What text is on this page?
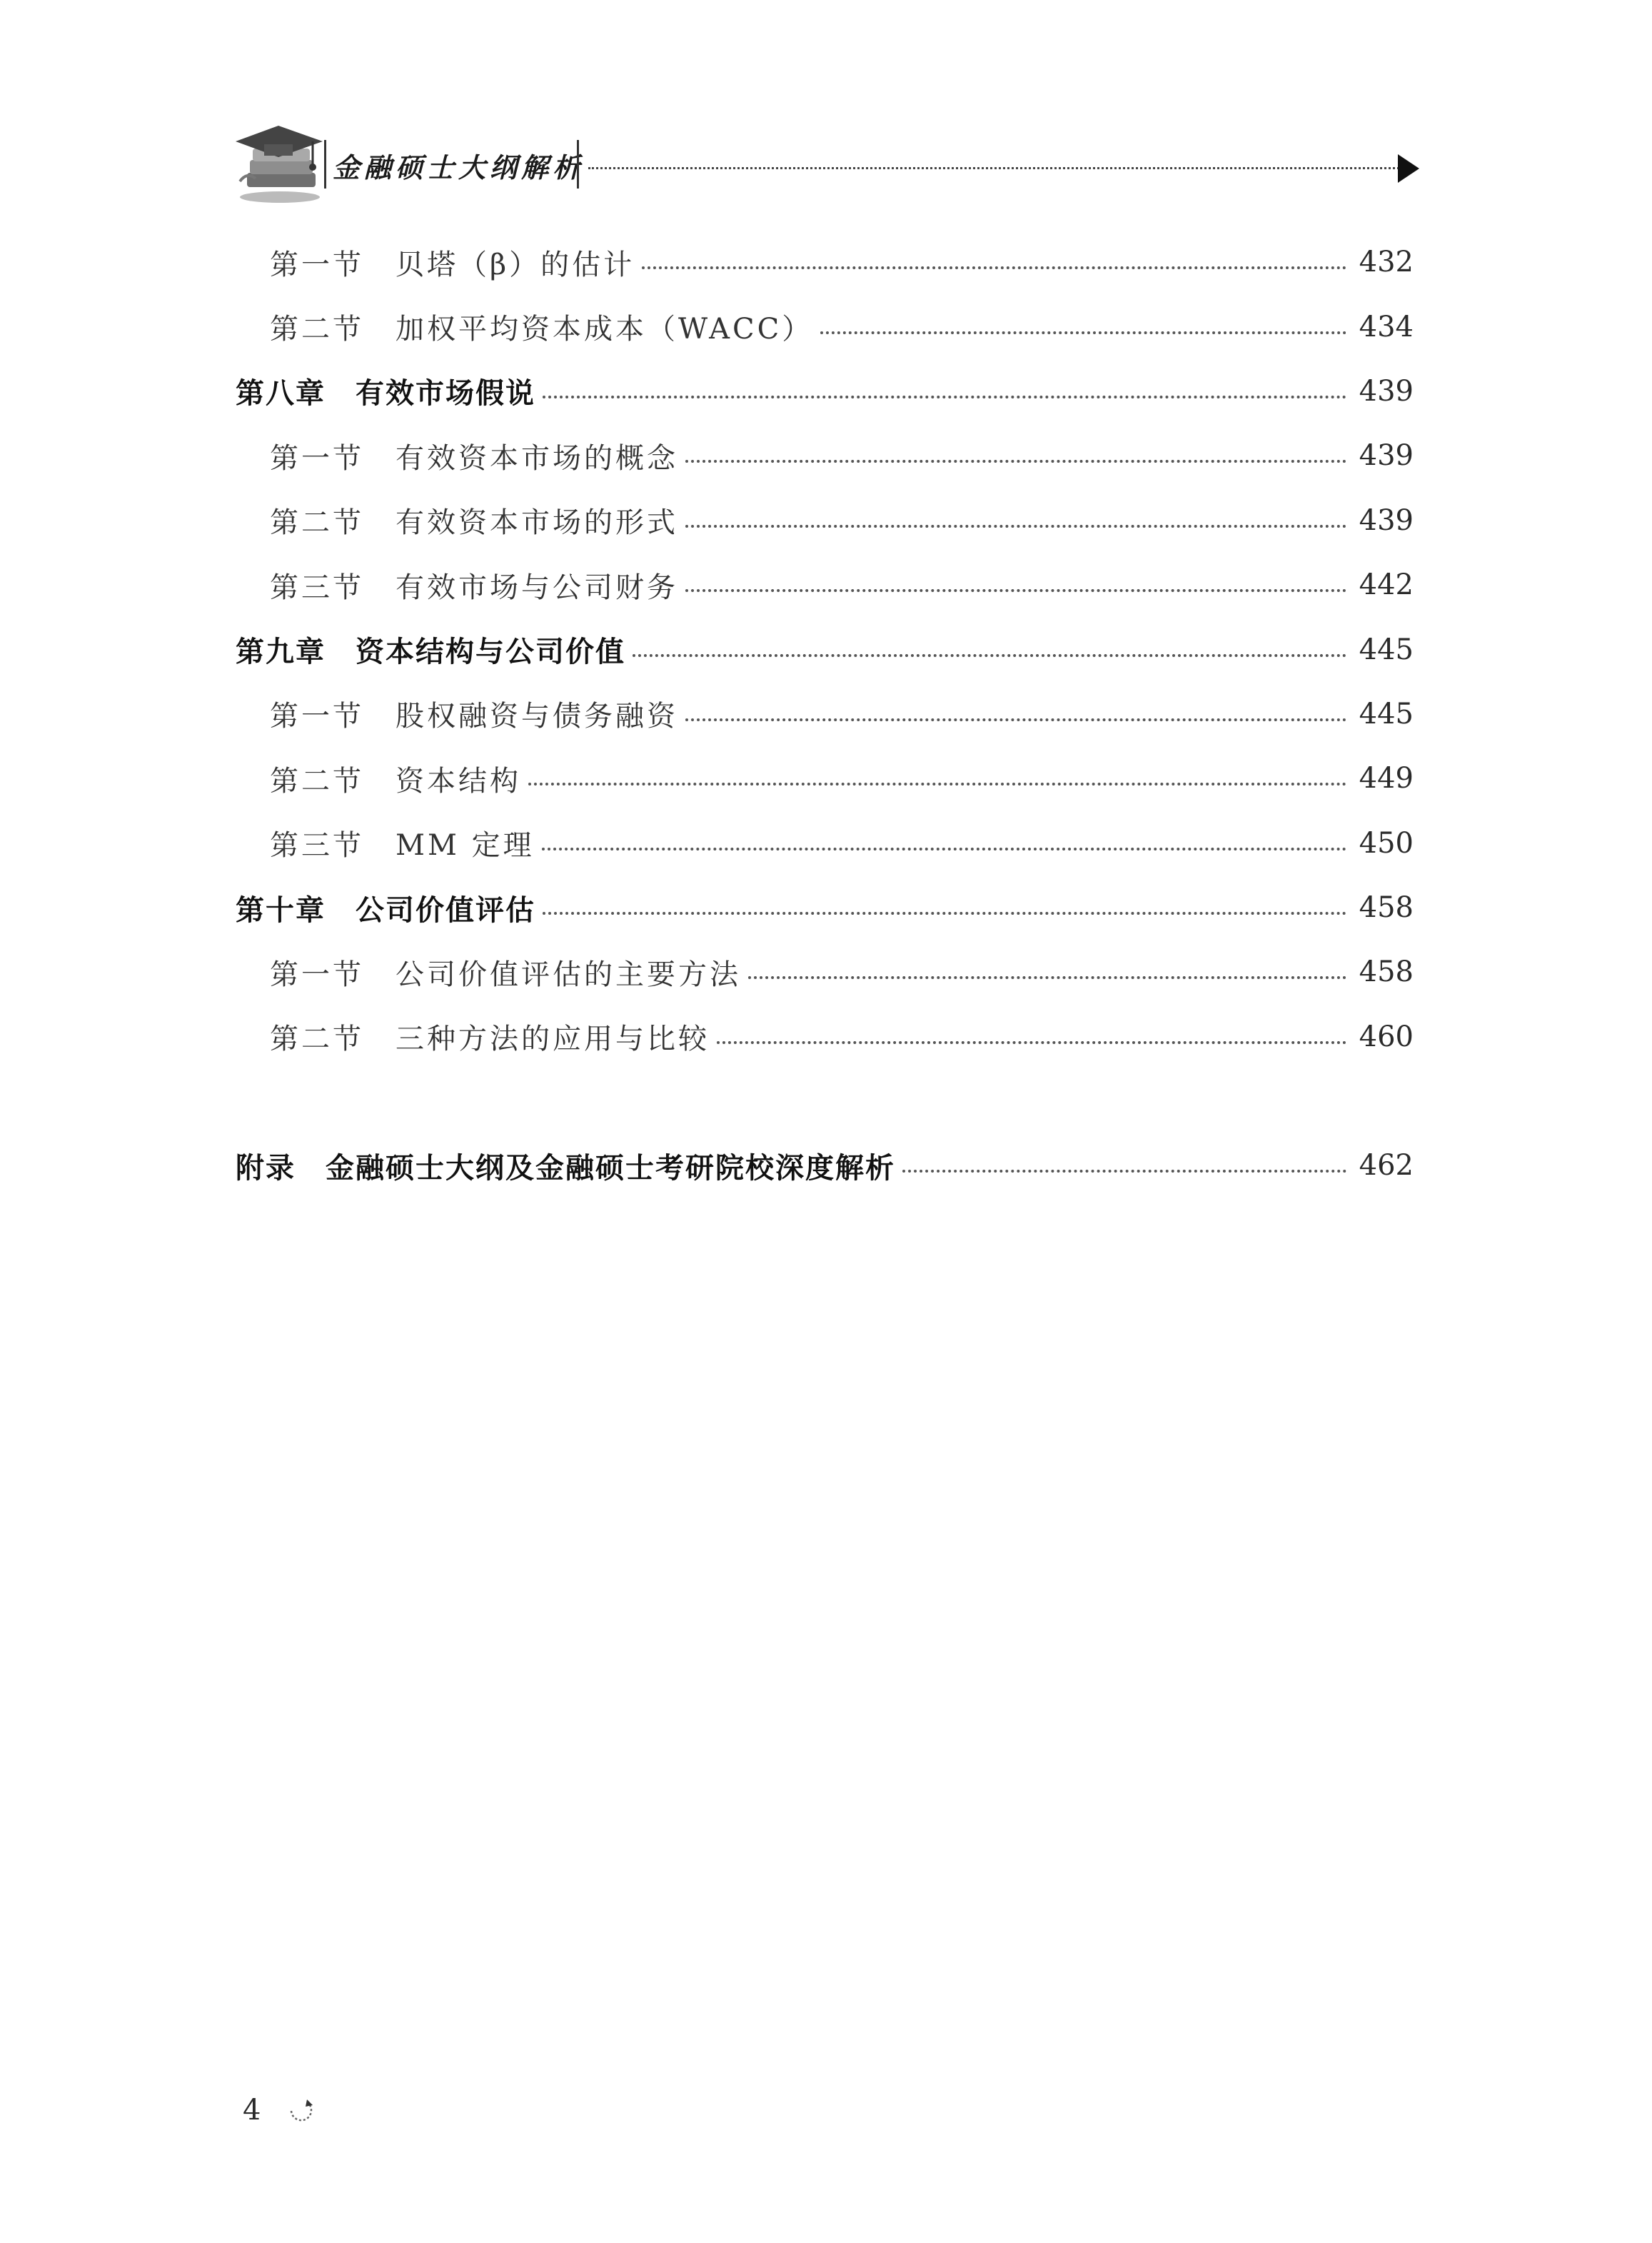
金融硕士大纲解析
第一节　贝塔（β）的估计	432
第二节　加权平均资本成本（WACC）	434
第八章　有效市场假说	439
第一节　有效资本市场的概念	439
第二节　有效资本市场的形式	439
第三节　有效市场与公司财务	442
第九章　资本结构与公司价值	445
第一节　股权融资与债务融资	445
第二节　资本结构	449
第三节　MM 定理	450
第十章　公司价值评估	458
第一节　公司价值评估的主要方法	458
第二节　三种方法的应用与比较	460
附录　金融硕士大纲及金融硕士考研院校深度解析	462
4
